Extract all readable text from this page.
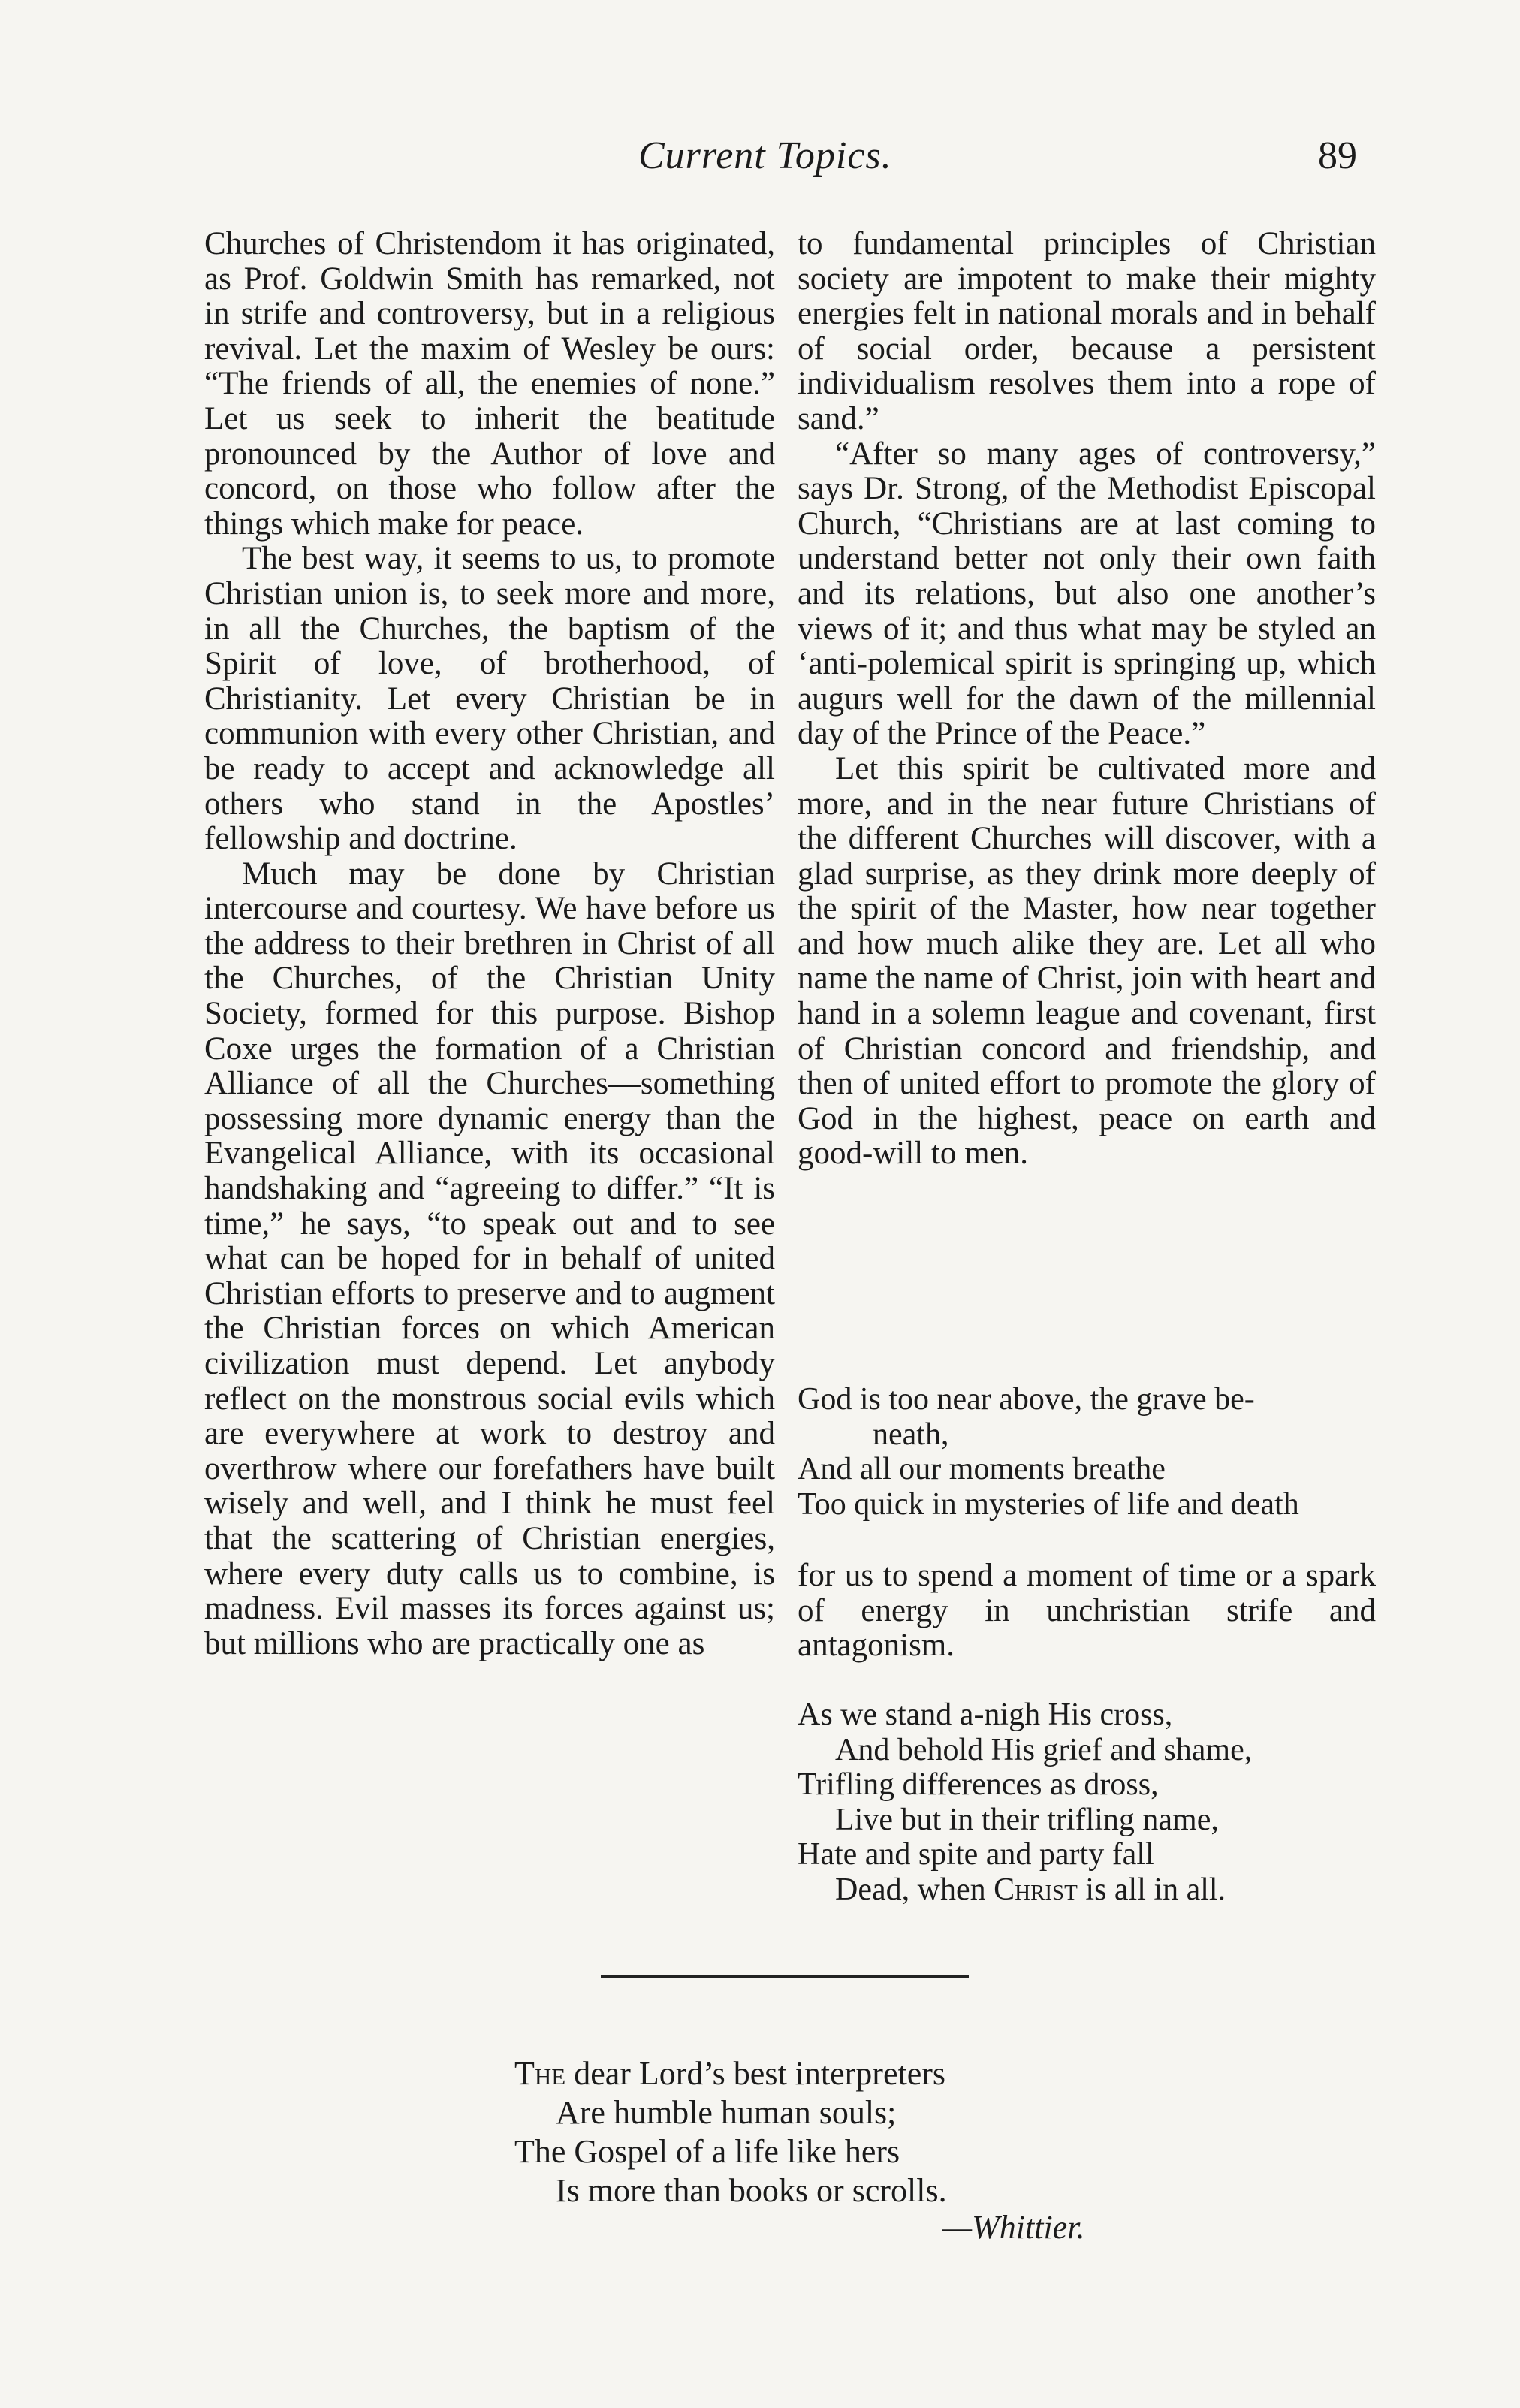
Current Topics.	89

Churches of Christendom it has originated, as Prof. Goldwin Smith has remarked, not in strife and controversy, but in a religious revival. Let the maxim of Wesley be ours: “The friends of all, the enemies of none.” Let us seek to inherit the beatitude pronounced by the Author of love and concord, on those who follow after the things which make for peace.

The best way, it seems to us, to promote Christian union is, to seek more and more, in all the Churches, the baptism of the Spirit of love, of brotherhood, of Christianity. Let every Christian be in communion with every other Christian, and be ready to accept and acknowledge all others who stand in the Apostles’ fellowship and doctrine.

Much may be done by Christian intercourse and courtesy. We have before us the address to their brethren in Christ of all the Churches, of the Christian Unity Society, formed for this purpose. Bishop Coxe urges the formation of a Christian Alliance of all the Churches—something possessing more dynamic energy than the Evangelical Alliance, with its occasional handshaking and “agreeing to differ.” “It is time,” he says, “to speak out and to see what can be hoped for in behalf of united Christian efforts to preserve and to augment the Christian forces on which American civilization must depend. Let anybody reflect on the monstrous social evils which are everywhere at work to destroy and overthrow where our forefathers have built wisely and well, and I think he must feel that the scattering of Christian energies, where every duty calls us to combine, is madness. Evil masses its forces against us; but millions who are practically one as

to fundamental principles of Christian society are impotent to make their mighty energies felt in national morals and in behalf of social order, because a persistent individualism resolves them into a rope of sand.”

“After so many ages of controversy,” says Dr. Strong, of the Methodist Episcopal Church, “Christians are at last coming to understand better not only their own faith and its relations, but also one another’s views of it; and thus what may be styled an ‘anti-polemical spirit is springing up, which augurs well for the dawn of the millennial day of the Prince of the Peace.”

Let this spirit be cultivated more and more, and in the near future Christians of the different Churches will discover, with a glad surprise, as they drink more deeply of the spirit of the Master, how near together and how much alike they are. Let all who name the name of Christ, join with heart and hand in a solemn league and covenant, first of Christian concord and friendship, and then of united effort to promote the glory of God in the highest, peace on earth and good-will to men.

God is too near above, the grave be-
neath,
And all our moments breathe
Too quick in mysteries of life and death

for us to spend a moment of time or a spark of energy in unchristian strife and antagonism.

As we stand a-nigh His cross,
And behold His grief and shame,
Trifling differences as dross,
Live but in their trifling name,
Hate and spite and party fall
Dead, when Christ is all in all.
The dear Lord’s best interpreters
Are humble human souls;
The Gospel of a life like hers
Is more than books or scrolls.
—Whittier.
